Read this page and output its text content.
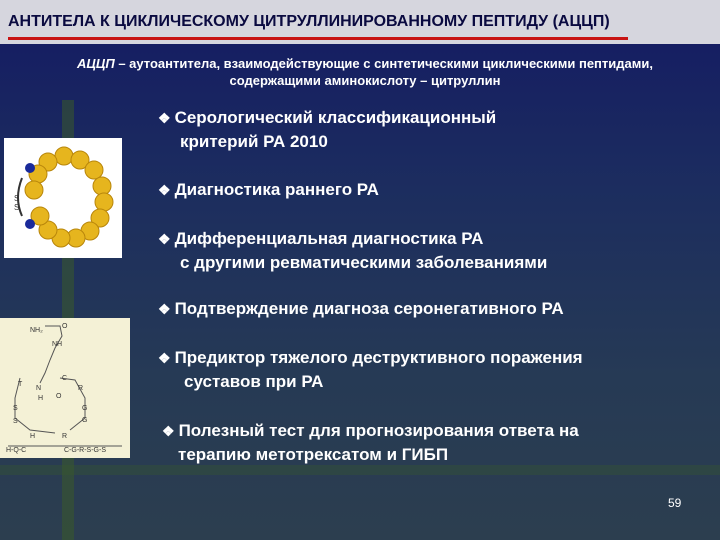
АНТИТЕЛА К ЦИКЛИЧЕСКОМУ ЦИТРУЛЛИНИРОВАННОМУ ПЕПТИДУ (АЦЦП)
АЦЦП – аутоантитела, взаимодействующие с синтетическими циклическими пептидами, содержащими аминокислоту – цитруллин
S
S
NH₂
O
NH
T
N
H O
C
R
S
S
G
G
H	R
H-Q-C	C-G-R-S-G-S
❖ Серологический классификационный
критерий РА 2010
❖ Диагностика раннего РА
❖ Дифференциальная диагностика РА
с другими ревматическими заболеваниями
❖ Подтверждение диагноза серонегативного РА
❖ Предиктор тяжелого деструктивного поражения
суставов при РА
❖ Полезный тест для прогнозирования ответа на
терапию метотрексатом и ГИБП
59
